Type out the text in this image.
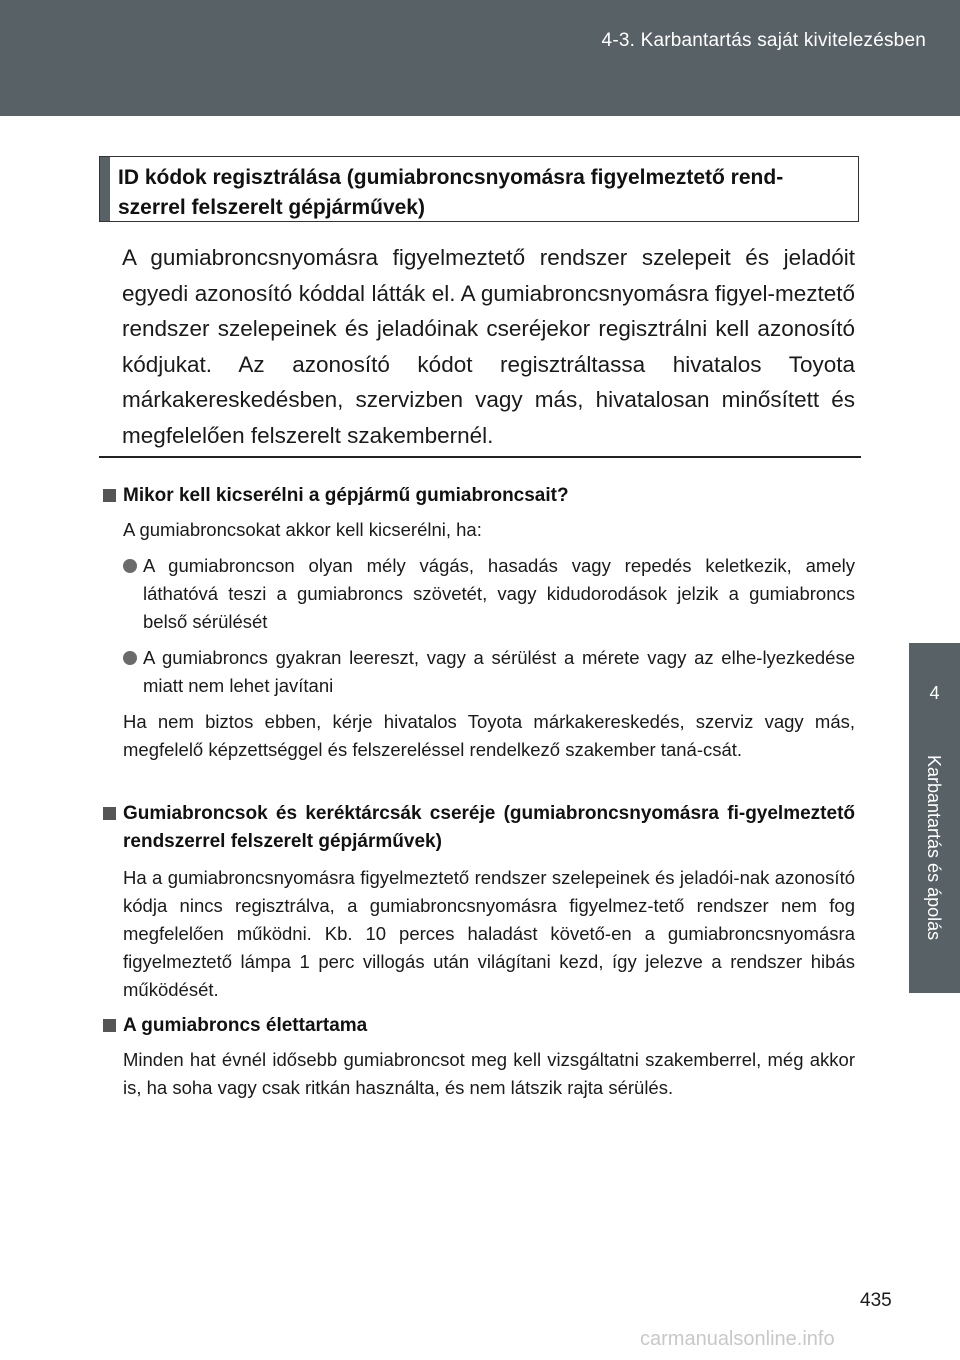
4-3. Karbantartás saját kivitelezésben
4
Karbantartás és ápolás
ID kódok regisztrálása (gumiabroncsnyomásra figyelmeztető rend-szerrel felszerelt gépjárművek)
A gumiabroncsnyomásra figyelmeztető rendszer szelepeit és jeladóit egyedi azonosító kóddal látták el. A gumiabroncsnyomásra figyel-meztető rendszer szelepeinek és jeladóinak cseréjekor regisztrálni kell azonosító kódjukat. Az azonosító kódot regisztráltassa hivatalos Toyota márkakereskedésben, szervizben vagy más, hivatalosan minősített és megfelelően felszerelt szakembernél.
Mikor kell kicserélni a gépjármű gumiabroncsait?
A gumiabroncsokat akkor kell kicserélni, ha:
A gumiabroncson olyan mély vágás, hasadás vagy repedés keletkezik, amely láthatóvá teszi a gumiabroncs szövetét, vagy kidudorodások jelzik a gumiabroncs belső sérülését
A gumiabroncs gyakran leereszt, vagy a sérülést a mérete vagy az elhe-lyezkedése miatt nem lehet javítani
Ha nem biztos ebben, kérje hivatalos Toyota márkakereskedés, szerviz vagy más, megfelelő képzettséggel és felszereléssel rendelkező szakember taná-csát.
Gumiabroncsok és keréktárcsák cseréje (gumiabroncsnyomásra fi-gyelmeztető rendszerrel felszerelt gépjárművek)
Ha a gumiabroncsnyomásra figyelmeztető rendszer szelepeinek és jeladói-nak azonosító kódja nincs regisztrálva, a gumiabroncsnyomásra figyelmez-tető rendszer nem fog megfelelően működni. Kb. 10 perces haladást követő-en a gumiabroncsnyomásra figyelmeztető lámpa 1 perc villogás után világítani kezd, így jelezve a rendszer hibás működését.
A gumiabroncs élettartama
Minden hat évnél idősebb gumiabroncsot meg kell vizsgáltatni szakemberrel, még akkor is, ha soha vagy csak ritkán használta, és nem látszik rajta sérülés.
435
carmanualsonline.info
